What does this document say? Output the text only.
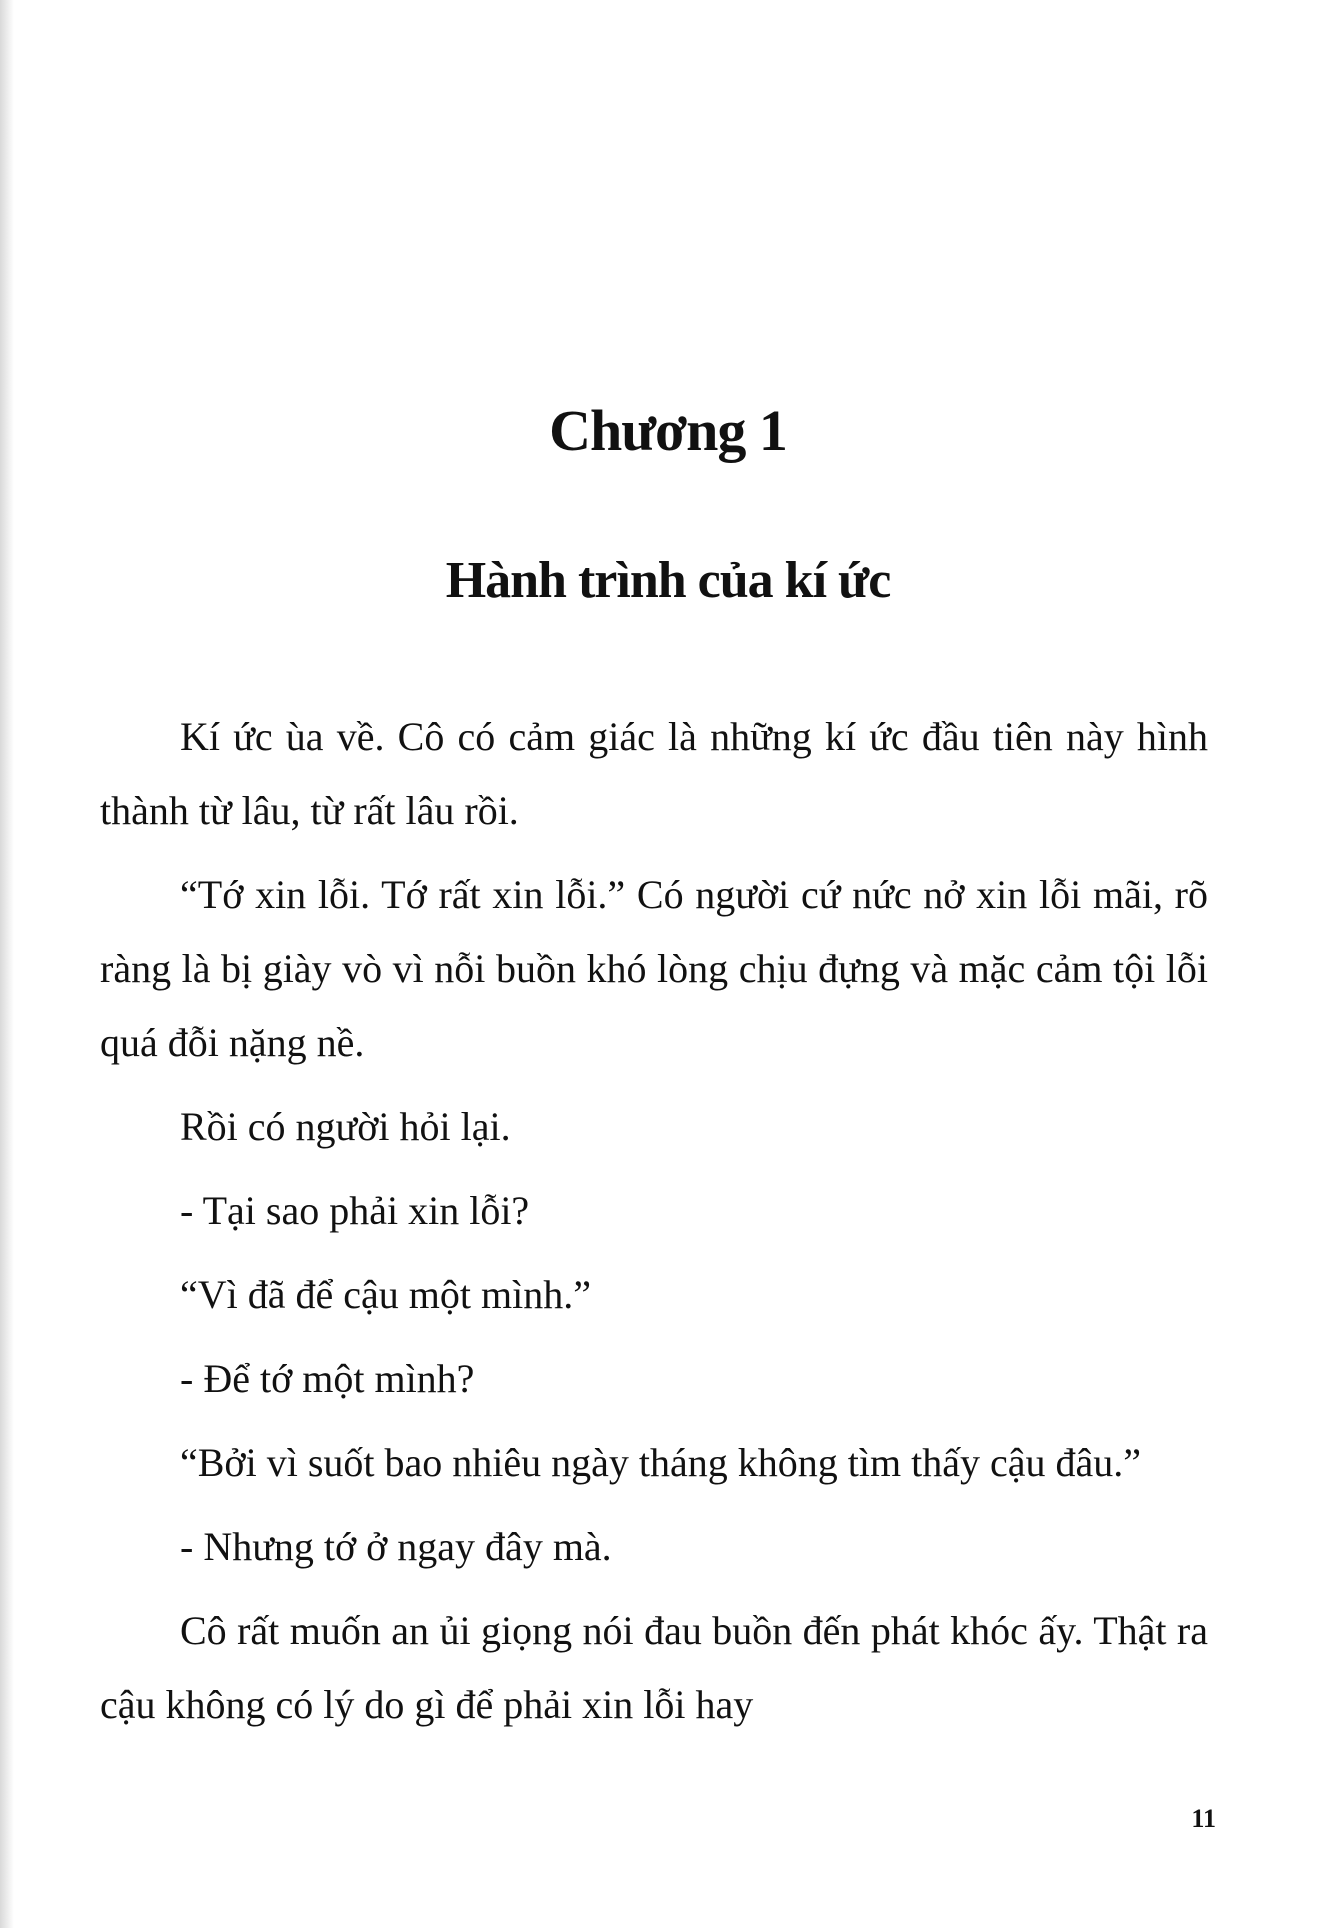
Chương 1
Hành trình của kí ức

Kí ức ùa về. Cô có cảm giác là những kí ức đầu tiên này hình thành từ lâu, từ rất lâu rồi.

“Tớ xin lỗi. Tớ rất xin lỗi.” Có người cứ nức nở xin lỗi mãi, rõ ràng là bị giày vò vì nỗi buồn khó lòng chịu đựng và mặc cảm tội lỗi quá đỗi nặng nề.

Rồi có người hỏi lại.

- Tại sao phải xin lỗi?

“Vì đã để cậu một mình.”

- Để tớ một mình?

“Bởi vì suốt bao nhiêu ngày tháng không tìm thấy cậu đâu.”

- Nhưng tớ ở ngay đây mà.

Cô rất muốn an ủi giọng nói đau buồn đến phát khóc ấy. Thật ra cậu không có lý do gì để phải xin lỗi hay

11
